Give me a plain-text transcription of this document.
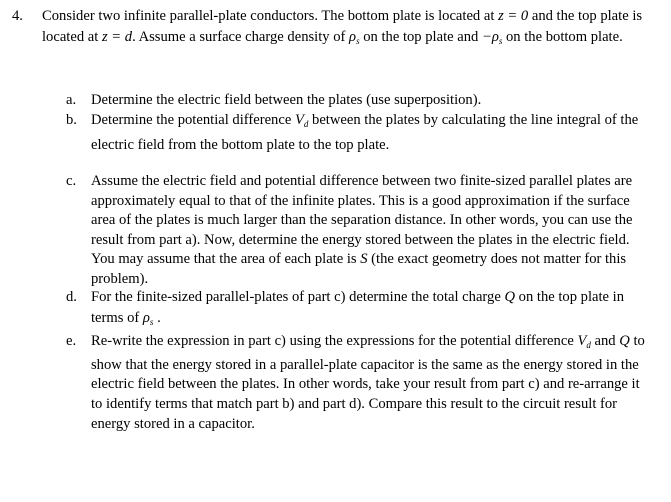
4. Consider two infinite parallel-plate conductors. The bottom plate is located at z = 0 and the top plate is located at z = d. Assume a surface charge density of $\rho_s$ on the top plate and $-\rho_s$ on the bottom plate.
a. Determine the electric field between the plates (use superposition).
b. Determine the potential difference $V_d$ between the plates by calculating the line integral of the electric field from the bottom plate to the top plate.
c. Assume the electric field and potential difference between two finite-sized parallel plates are approximately equal to that of the infinite plates. This is a good approximation if the surface area of the plates is much larger than the separation distance. In other words, you can use the result from part a). Now, determine the energy stored between the plates in the electric field. You may assume that the area of each plate is S (the exact geometry does not matter for this problem).
d. For the finite-sized parallel-plates of part c) determine the total charge Q on the top plate in terms of $\rho_s$ .
e. Re-write the expression in part c) using the expressions for the potential difference $V_d$ and Q to show that the energy stored in a parallel-plate capacitor is the same as the energy stored in the electric field between the plates. In other words, take your result from part c) and re-arrange it to identify terms that match part b) and part d). Compare this result to the circuit result for energy stored in a capacitor.
